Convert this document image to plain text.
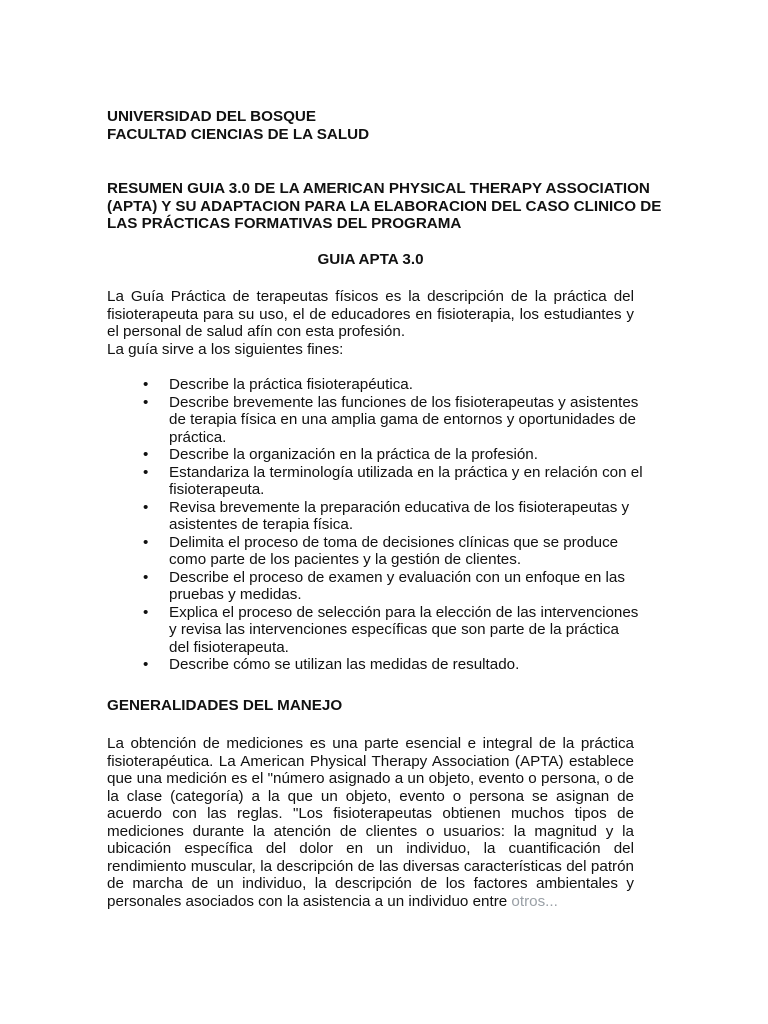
UNIVERSIDAD DEL BOSQUE
FACULTAD CIENCIAS DE LA SALUD
RESUMEN GUIA 3.0 DE LA AMERICAN PHYSICAL THERAPY ASSOCIATION
(APTA) Y SU ADAPTACION PARA LA ELABORACION DEL CASO CLINICO DE
LAS PRÁCTICAS FORMATIVAS DEL PROGRAMA
GUIA APTA 3.0

La Guía Práctica de terapeutas físicos es la descripción de la práctica del fisioterapeuta para su uso, el de educadores en fisioterapia, los estudiantes y el personal de salud afín con esta profesión.

La guía sirve a los siguientes fines:

• Describe la práctica fisioterapéutica.
• Describe brevemente las funciones de los fisioterapeutas y asistentes de terapia física en una amplia gama de entornos y oportunidades de práctica.
• Describe la organización en la práctica de la profesión.
• Estandariza la terminología utilizada en la práctica y en relación con el fisioterapeuta.
• Revisa brevemente la preparación educativa de los fisioterapeutas y asistentes de terapia física.
• Delimita el proceso de toma de decisiones clínicas que se produce como parte de los pacientes y la gestión de clientes.
• Describe el proceso de examen y evaluación con un enfoque en las pruebas y medidas.
• Explica el proceso de selección para la elección de las intervenciones y revisa las intervenciones específicas que son parte de la práctica del fisioterapeuta.
• Describe cómo se utilizan las medidas de resultado.
GENERALIDADES DEL MANEJO

La obtención de mediciones es una parte esencial e integral de la práctica fisioterapéutica. La American Physical Therapy Association (APTA) establece que una medición es el "número asignado a un objeto, evento o persona, o de la clase (categoría) a la que un objeto, evento o persona se asignan de acuerdo con las reglas. "Los fisioterapeutas obtienen muchos tipos de mediciones durante la atención de clientes o usuarios: la magnitud y la ubicación específica del dolor en un individuo, la cuantificación del rendimiento muscular, la descripción de las diversas características del patrón de marcha de un individuo, la descripción de los factores ambientales y personales asociados con la asistencia a un individuo entre otros...
